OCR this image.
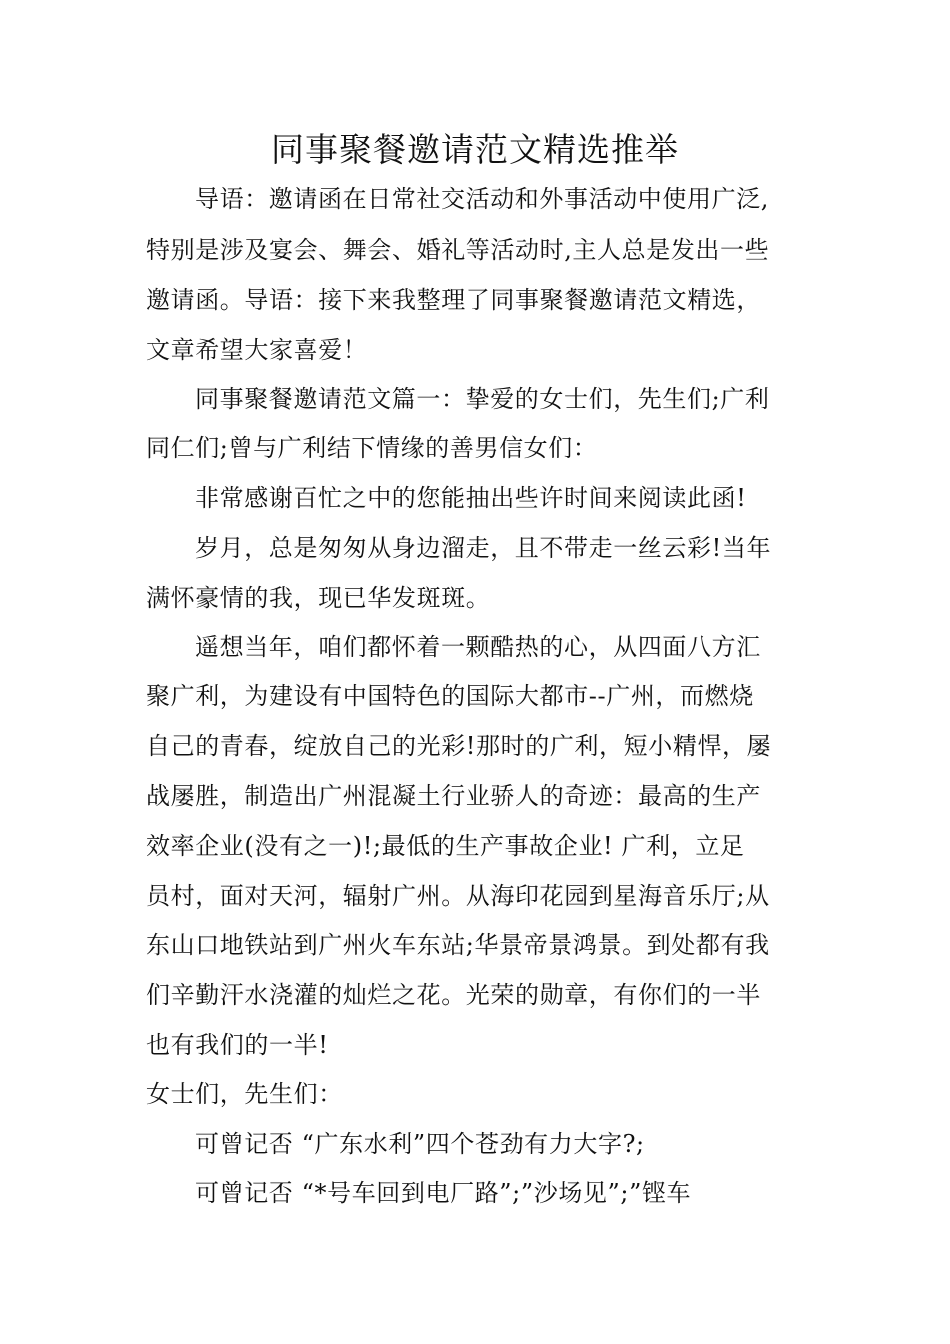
同事聚餐邀请范文精选推举
导语：邀请函在日常社交活动和外事活动中使用广泛,
特别是涉及宴会、舞会、婚礼等活动时,主人总是发出一些
邀请函。导语：接下来我整理了同事聚餐邀请范文精选，
文章希望大家喜爱！
同事聚餐邀请范文篇一：挚爱的女士们，先生们;广利
同仁们;曾与广利结下情缘的善男信女们：
非常感谢百忙之中的您能抽出些许时间来阅读此函!
岁月，总是匆匆从身边溜走，且不带走一丝云彩!当年
满怀豪情的我，现已华发斑斑。
遥想当年，咱们都怀着一颗酷热的心，从四面八方汇
聚广利，为建设有中国特色的国际大都市--广州，而燃烧
自己的青春，绽放自己的光彩!那时的广利，短小精悍，屡
战屡胜，制造出广州混凝土行业骄人的奇迹：最高的生产
效率企业(没有之一)!;最低的生产事故企业! 广利，立足
员村，面对天河，辐射广州。从海印花园到星海音乐厅;从
东山口地铁站到广州火车东站;华景帝景鸿景。到处都有我
们辛勤汗水浇灌的灿烂之花。光荣的勋章，有你们的一半
也有我们的一半!
女士们，先生们：
可曾记否 “广东水利”四个苍劲有力大字?;
可曾记否 “*号车回到电厂路”;”沙场见”;”铿车
